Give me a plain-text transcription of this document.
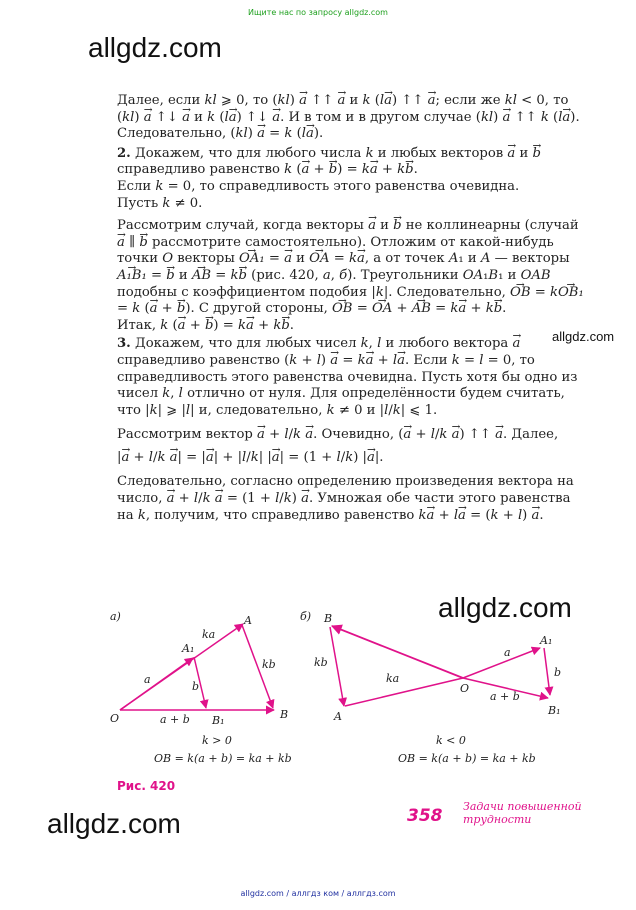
Ищите нас по запросу allgdz.com
allgdz.com

Далее, если kl ⩾ 0, то (kl) → a ↑↑ → a и k (l→ a) ↑↑ → a; если же kl < 0, то (kl) → a ↑↓ → a и k (l→ a) ↑↓ → a. И в том и в другом случае (kl) → a ↑↑ k (l→ a).

Следовательно, (kl) → a = k (l→ a).

2. Докажем, что для любого числа k и любых векторов → a и → b справедливо равенство k (→ a + → b) = k→ a + k→ b.

Если k = 0, то справедливость этого равенства очевидна.

Пусть k ≠ 0.

Рассмотрим случай, когда векторы → a и → b не коллинеарны (случай → a ∥ → b рассмотрите самостоятельно). Отложим от какой-нибудь точки O векторы → OA₁ = → a и → OA = k→ a, а от точек A₁ и A — векторы → A₁B₁ = → b и → AB = k→ b (рис. 420, а, б). Треугольники OA₁B₁ и OAB подобны с коэффициентом подобия |k|. Следовательно, → OB = k→ OB₁ = k (→ a + → b). С другой стороны, → OB = → OA + → AB = k→ a + k→ b.

Итак, k (→ a + → b) = k→ a + k→ b.

3. Докажем, что для любых чисел k, l и любого вектора → a справедливо равенство (k + l) → a = k→ a + l→ a. Если k = l = 0, то справедливость этого равенства очевидна. Пусть хотя бы одно из чисел k, l отлично от нуля. Для определённости будем считать, что |k| ⩾ |l| и, следовательно, k ≠ 0 и |l/k| ⩽ 1.

Рассмотрим вектор → a + l/k → a. Очевидно, (→ a + l/k → a) ↑↑ → a. Далее,

|→ a + l/k → a| = |→ a| + |l/k| |→ a| = (1 + l/k) |→ a|.

Следовательно, согласно определению произведения вектора на число, → a + l/k → a = (1 + l/k) → a. Умножая обе части этого равенства на k, получим, что справедливо равенство k→ a + l→ a = (k + l) → a.

allgdz.com
а)
O
A₁
A
B₁	B
ka
a
b
kb
a + b
k > 0
OB = k(a + b) = ka + kb
б) B
A
O
A₁
B₁
ka
a
b
kb
a + b
k < 0
OB = k(a + b) = ka + kb
allgdz.com
Рис. 420
allgdz.com	358 Задачи повышенной трудности
allgdz.com / аллгдз ком / аллгдз.com
